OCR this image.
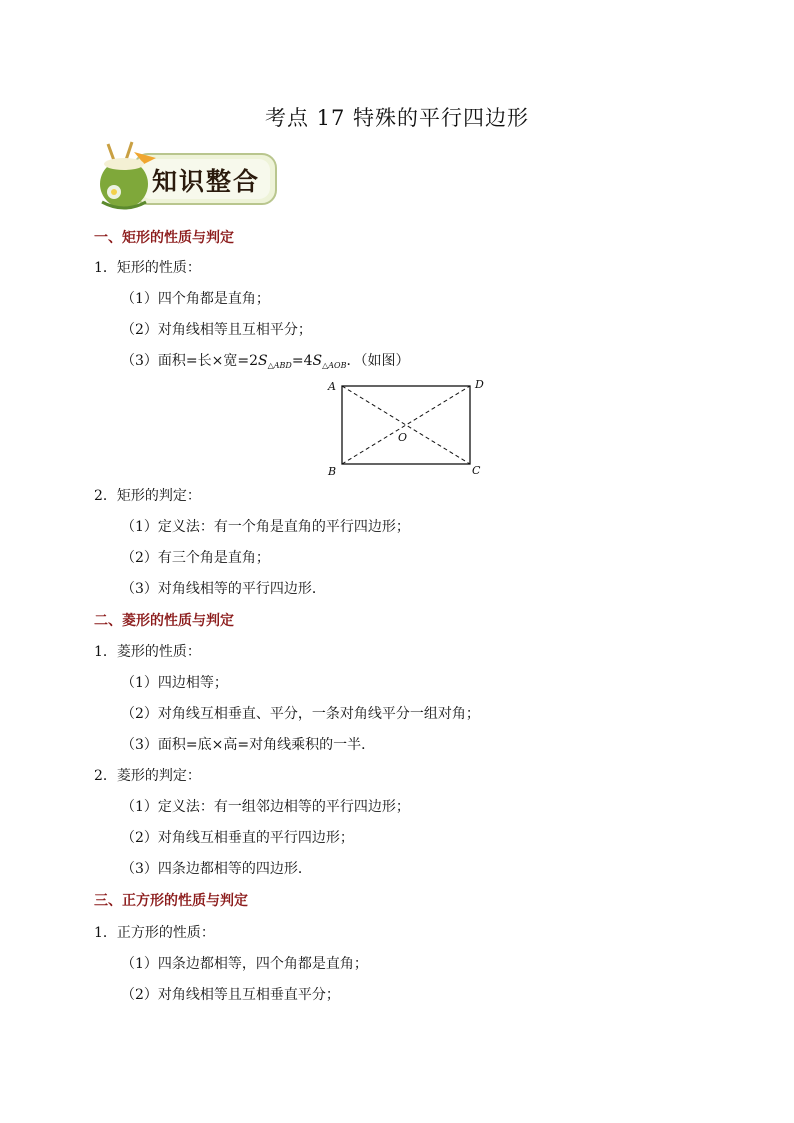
考点 17 特殊的平行四边形
知识整合
一、矩形的性质与判定
1．矩形的性质：
（1）四个角都是直角；
（2）对角线相等且互相平分；
（3）面积=长×宽$=2S_{\triangle ABD}=4S_{\triangle AOB}$．（如图）
A	D
B	C
O
2．矩形的判定：
（1）定义法：有一个角是直角的平行四边形；
（2）有三个角是直角；
（3）对角线相等的平行四边形．
二、菱形的性质与判定
1．菱形的性质：
（1）四边相等；
（2）对角线互相垂直、平分，一条对角线平分一组对角；
（3）面积=底×高=对角线乘积的一半．
2．菱形的判定：
（1）定义法：有一组邻边相等的平行四边形；
（2）对角线互相垂直的平行四边形；
（3）四条边都相等的四边形．
三、正方形的性质与判定
1．正方形的性质：
（1）四条边都相等，四个角都是直角；
（2）对角线相等且互相垂直平分；
